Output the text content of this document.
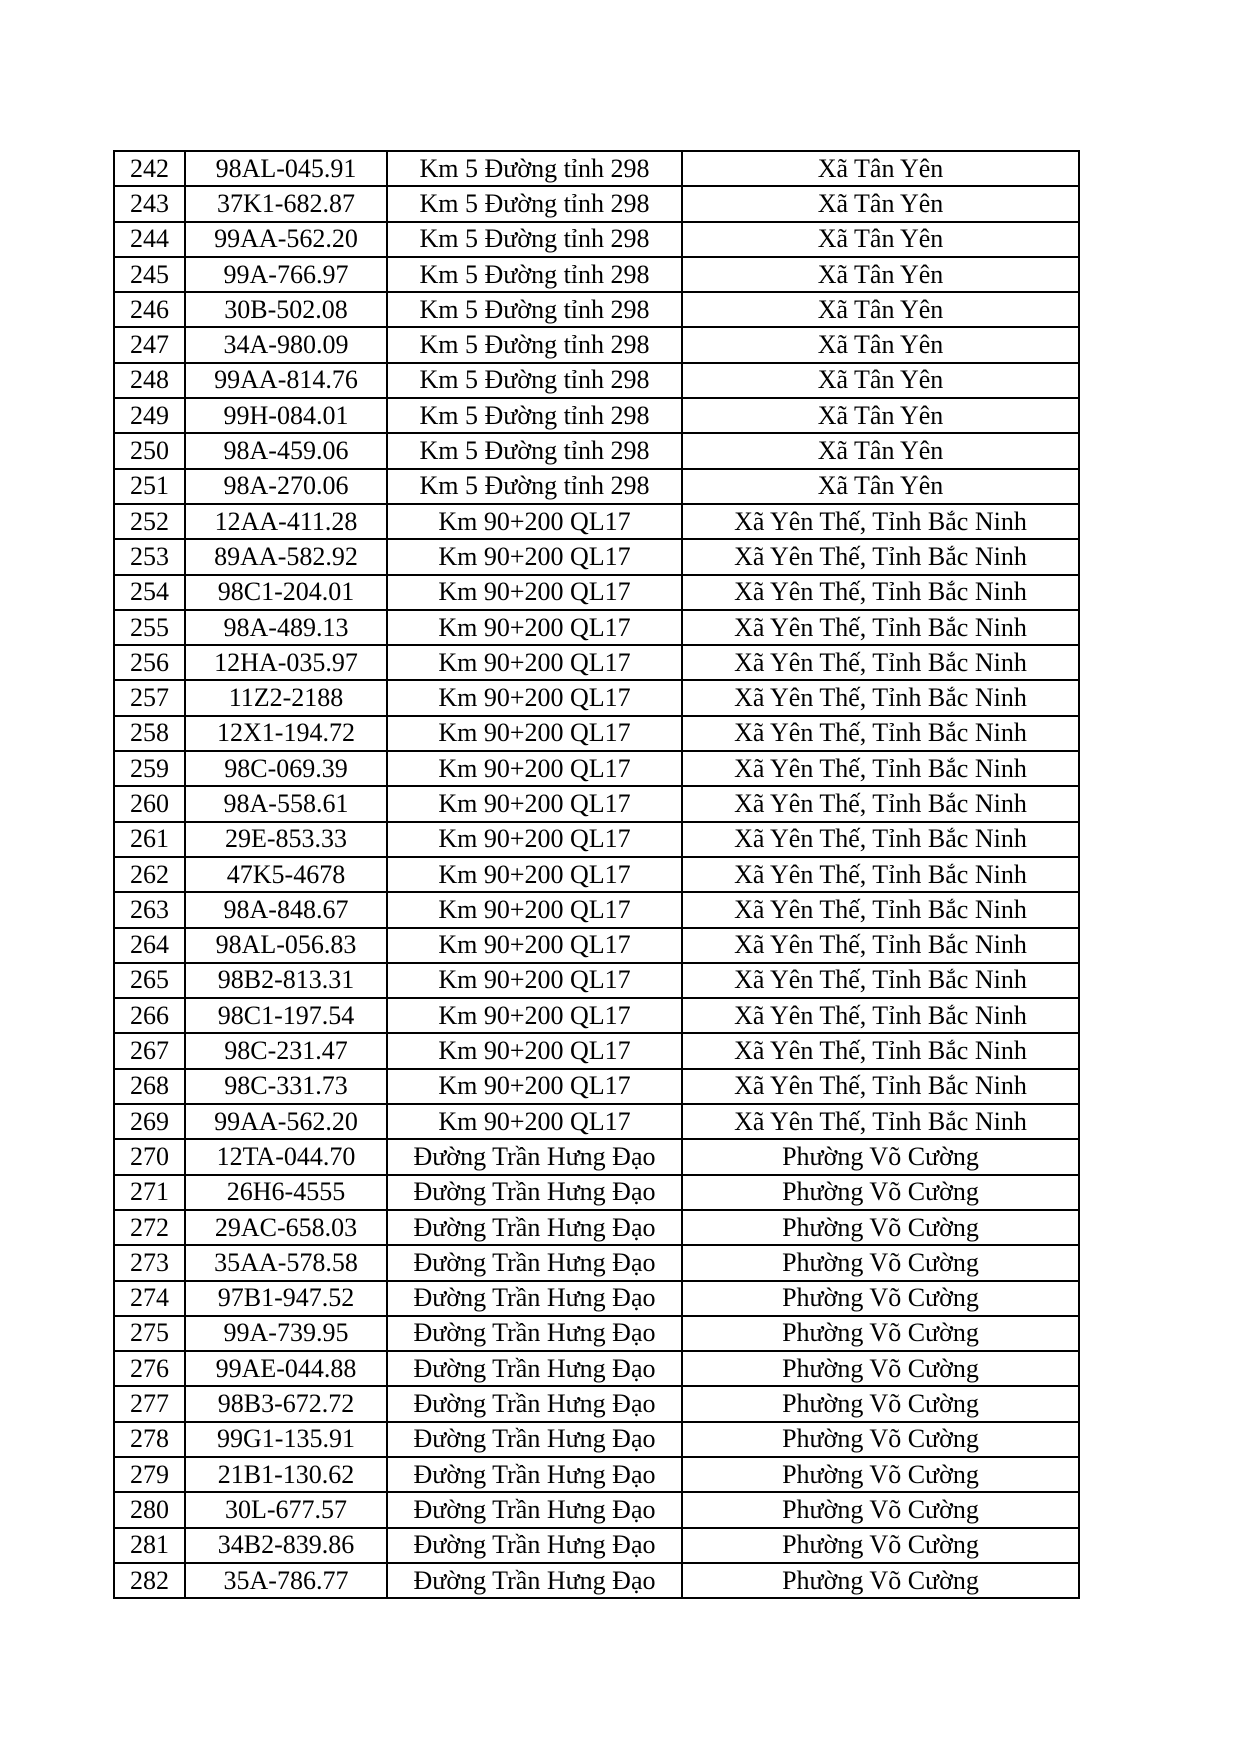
242	98AL-045.91	Km 5 Đường tỉnh 298	Xã Tân Yên
243	37K1-682.87	Km 5 Đường tỉnh 298	Xã Tân Yên
244	99AA-562.20	Km 5 Đường tỉnh 298	Xã Tân Yên
245	99A-766.97	Km 5 Đường tỉnh 298	Xã Tân Yên
246	30B-502.08	Km 5 Đường tỉnh 298	Xã Tân Yên
247	34A-980.09	Km 5 Đường tỉnh 298	Xã Tân Yên
248	99AA-814.76	Km 5 Đường tỉnh 298	Xã Tân Yên
249	99H-084.01	Km 5 Đường tỉnh 298	Xã Tân Yên
250	98A-459.06	Km 5 Đường tỉnh 298	Xã Tân Yên
251	98A-270.06	Km 5 Đường tỉnh 298	Xã Tân Yên
252	12AA-411.28	Km 90+200 QL17	Xã Yên Thế, Tỉnh Bắc Ninh
253	89AA-582.92	Km 90+200 QL17	Xã Yên Thế, Tỉnh Bắc Ninh
254	98C1-204.01	Km 90+200 QL17	Xã Yên Thế, Tỉnh Bắc Ninh
255	98A-489.13	Km 90+200 QL17	Xã Yên Thế, Tỉnh Bắc Ninh
256	12HA-035.97	Km 90+200 QL17	Xã Yên Thế, Tỉnh Bắc Ninh
257	11Z2-2188	Km 90+200 QL17	Xã Yên Thế, Tỉnh Bắc Ninh
258	12X1-194.72	Km 90+200 QL17	Xã Yên Thế, Tỉnh Bắc Ninh
259	98C-069.39	Km 90+200 QL17	Xã Yên Thế, Tỉnh Bắc Ninh
260	98A-558.61	Km 90+200 QL17	Xã Yên Thế, Tỉnh Bắc Ninh
261	29E-853.33	Km 90+200 QL17	Xã Yên Thế, Tỉnh Bắc Ninh
262	47K5-4678	Km 90+200 QL17	Xã Yên Thế, Tỉnh Bắc Ninh
263	98A-848.67	Km 90+200 QL17	Xã Yên Thế, Tỉnh Bắc Ninh
264	98AL-056.83	Km 90+200 QL17	Xã Yên Thế, Tỉnh Bắc Ninh
265	98B2-813.31	Km 90+200 QL17	Xã Yên Thế, Tỉnh Bắc Ninh
266	98C1-197.54	Km 90+200 QL17	Xã Yên Thế, Tỉnh Bắc Ninh
267	98C-231.47	Km 90+200 QL17	Xã Yên Thế, Tỉnh Bắc Ninh
268	98C-331.73	Km 90+200 QL17	Xã Yên Thế, Tỉnh Bắc Ninh
269	99AA-562.20	Km 90+200 QL17	Xã Yên Thế, Tỉnh Bắc Ninh
270	12TA-044.70	Đường Trần Hưng Đạo	Phường Võ Cường
271	26H6-4555	Đường Trần Hưng Đạo	Phường Võ Cường
272	29AC-658.03	Đường Trần Hưng Đạo	Phường Võ Cường
273	35AA-578.58	Đường Trần Hưng Đạo	Phường Võ Cường
274	97B1-947.52	Đường Trần Hưng Đạo	Phường Võ Cường
275	99A-739.95	Đường Trần Hưng Đạo	Phường Võ Cường
276	99AE-044.88	Đường Trần Hưng Đạo	Phường Võ Cường
277	98B3-672.72	Đường Trần Hưng Đạo	Phường Võ Cường
278	99G1-135.91	Đường Trần Hưng Đạo	Phường Võ Cường
279	21B1-130.62	Đường Trần Hưng Đạo	Phường Võ Cường
280	30L-677.57	Đường Trần Hưng Đạo	Phường Võ Cường
281	34B2-839.86	Đường Trần Hưng Đạo	Phường Võ Cường
282	35A-786.77	Đường Trần Hưng Đạo	Phường Võ Cường
